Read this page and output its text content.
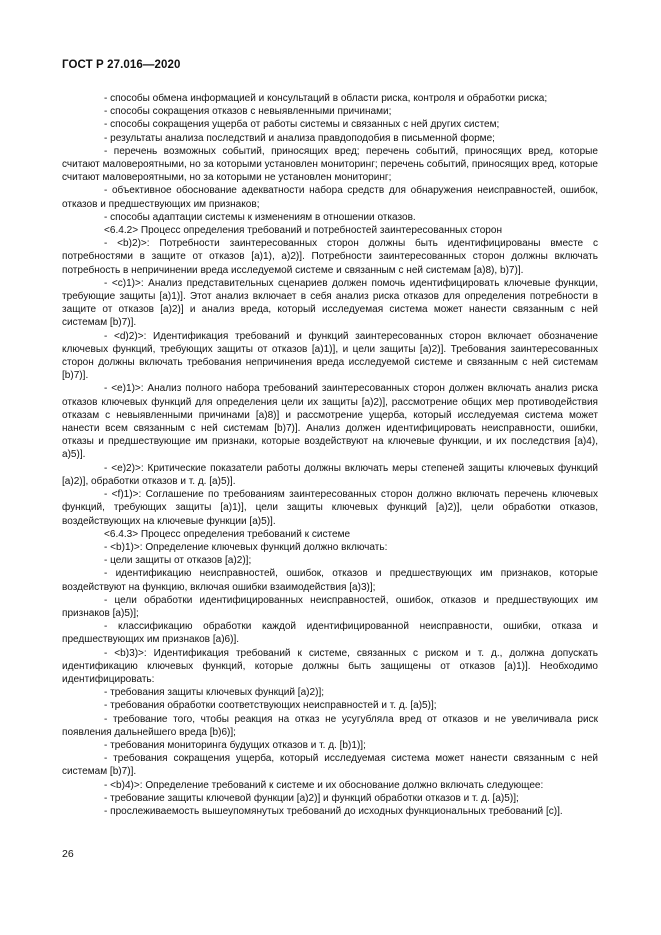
ГОСТ Р 27.016—2020

- способы обмена информацией и консультаций в области риска, контроля и обработки риска;

- способы сокращения отказов с невыявленными причинами;

- способы сокращения ущерба от работы системы и связанных с ней других систем;

- результаты анализа последствий и анализа правдоподобия в письменной форме;

- перечень возможных событий, приносящих вред; перечень событий, приносящих вред, которые считают маловероятными, но за которыми установлен мониторинг; перечень событий, приносящих вред, которые считают маловероятными, но за которыми не установлен мониторинг;

- объективное обоснование адекватности набора средств для обнаружения неисправностей, ошибок, отказов и предшествующих им признаков;

- способы адаптации системы к изменениям в отношении отказов.

<6.4.2> Процесс определения требований и потребностей заинтересованных сторон

- <b)2)>: Потребности заинтересованных сторон должны быть идентифицированы вместе с потребностями в защите от отказов [a)1), a)2)]. Потребности заинтересованных сторон должны включать потребность в непричинении вреда исследуемой системе и связанным с ней системам [a)8), b)7)].

- <c)1)>: Анализ представительных сценариев должен помочь идентифицировать ключевые функции, требующие защиты [a)1)]. Этот анализ включает в себя анализ риска отказов для определения потребности в защите от отказов [a)2)] и анализ вреда, который исследуемая система может нанести связанным с ней системам [b)7)].

- <d)2)>: Идентификация требований и функций заинтересованных сторон включает обозначение ключевых функций, требующих защиты от отказов [a)1)], и цели защиты [a)2)]. Требования заинтересованных сторон должны включать требования непричинения вреда исследуемой системе и связанным с ней системам [b)7)].

- <e)1)>: Анализ полного набора требований заинтересованных сторон должен включать анализ риска отказов ключевых функций для определения цели их защиты [a)2)], рассмотрение общих мер противодействия отказам с невыявленными причинами [a)8)] и рассмотрение ущерба, который исследуемая система может нанести всем связанным с ней системам [b)7)]. Анализ должен идентифицировать неисправности, ошибки, отказы и предшествующие им признаки, которые воздействуют на ключевые функции, и их последствия [a)4), a)5)].

- <e)2)>: Критические показатели работы должны включать меры степеней защиты ключевых функций [a)2)], обработки отказов и т. д. [a)5)].

- <f)1)>: Соглашение по требованиям заинтересованных сторон должно включать перечень ключевых функций, требующих защиты [a)1)], цели защиты ключевых функций [a)2)], цели обработки отказов, воздействующих на ключевые функции [a)5)].

<6.4.3> Процесс определения требований к системе

- <b)1)>: Определение ключевых функций должно включать:

- цели защиты от отказов [a)2)];

- идентификацию неисправностей, ошибок, отказов и предшествующих им признаков, которые воздействуют на функцию, включая ошибки взаимодействия [a)3)];

- цели обработки идентифицированных неисправностей, ошибок, отказов и предшествующих им признаков [a)5)];

- классификацию обработки каждой идентифицированной неисправности, ошибки, отказа и предшествующих им признаков [a)6)].

- <b)3)>: Идентификация требований к системе, связанных с риском и т. д., должна допускать идентификацию ключевых функций, которые должны быть защищены от отказов [a)1)]. Необходимо идентифицировать:

- требования защиты ключевых функций [a)2)];

- требования обработки соответствующих неисправностей и т. д. [a)5)];

- требование того, чтобы реакция на отказ не усугубляла вред от отказов и не увеличивала риск появления дальнейшего вреда [b)6)];

- требования мониторинга будущих отказов и т. д. [b)1)];

- требования сокращения ущерба, который исследуемая система может нанести связанным с ней системам [b)7)].

- <b)4)>: Определение требований к системе и их обоснование должно включать следующее:

- требование защиты ключевой функции [a)2)] и функций обработки отказов и т. д. [a)5)];

- прослеживаемость вышеупомянутых требований до исходных функциональных требований [c)].

26
